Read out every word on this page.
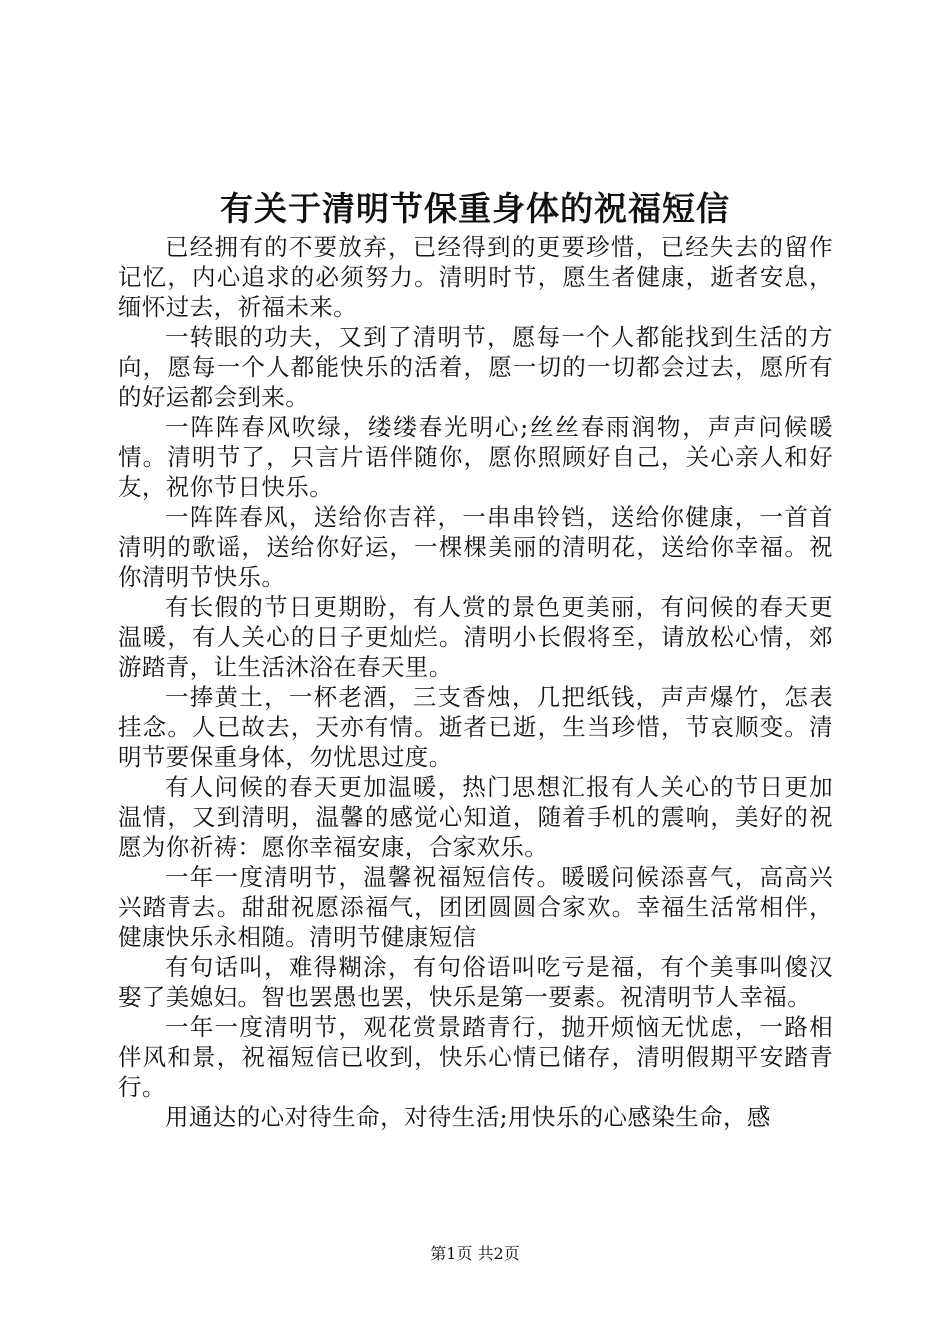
有关于清明节保重身体的祝福短信

已经拥有的不要放弃，已经得到的更要珍惜，已经失去的留作记忆，内心追求的必须努力。清明时节，愿生者健康，逝者安息，缅怀过去，祈福未来。

一转眼的功夫，又到了清明节，愿每一个人都能找到生活的方向，愿每一个人都能快乐的活着，愿一切的一切都会过去，愿所有的好运都会到来。

一阵阵春风吹绿，缕缕春光明心;丝丝春雨润物，声声问候暖情。清明节了，只言片语伴随你，愿你照顾好自己，关心亲人和好友，祝你节日快乐。

一阵阵春风，送给你吉祥，一串串铃铛，送给你健康，一首首清明的歌谣，送给你好运，一棵棵美丽的清明花，送给你幸福。祝你清明节快乐。

有长假的节日更期盼，有人赏的景色更美丽，有问候的春天更温暖，有人关心的日子更灿烂。清明小长假将至，请放松心情，郊游踏青，让生活沐浴在春天里。

一捧黄土，一杯老酒，三支香烛，几把纸钱，声声爆竹，怎表挂念。人已故去，天亦有情。逝者已逝，生当珍惜，节哀顺变。清明节要保重身体，勿忧思过度。

有人问候的春天更加温暖，热门思想汇报有人关心的节日更加温情，又到清明，温馨的感觉心知道，随着手机的震响，美好的祝愿为你祈祷：愿你幸福安康，合家欢乐。

一年一度清明节，温馨祝福短信传。暖暖问候添喜气，高高兴兴踏青去。甜甜祝愿添福气，团团圆圆合家欢。幸福生活常相伴，健康快乐永相随。清明节健康短信

有句话叫，难得糊涂，有句俗语叫吃亏是福，有个美事叫傻汉娶了美媳妇。智也罢愚也罢，快乐是第一要素。祝清明节人幸福。

一年一度清明节，观花赏景踏青行，抛开烦恼无忧虑，一路相伴风和景，祝福短信已收到，快乐心情已储存，清明假期平安踏青行。

用通达的心对待生命，对待生活;用快乐的心感染生命，感

第1页 共2页
